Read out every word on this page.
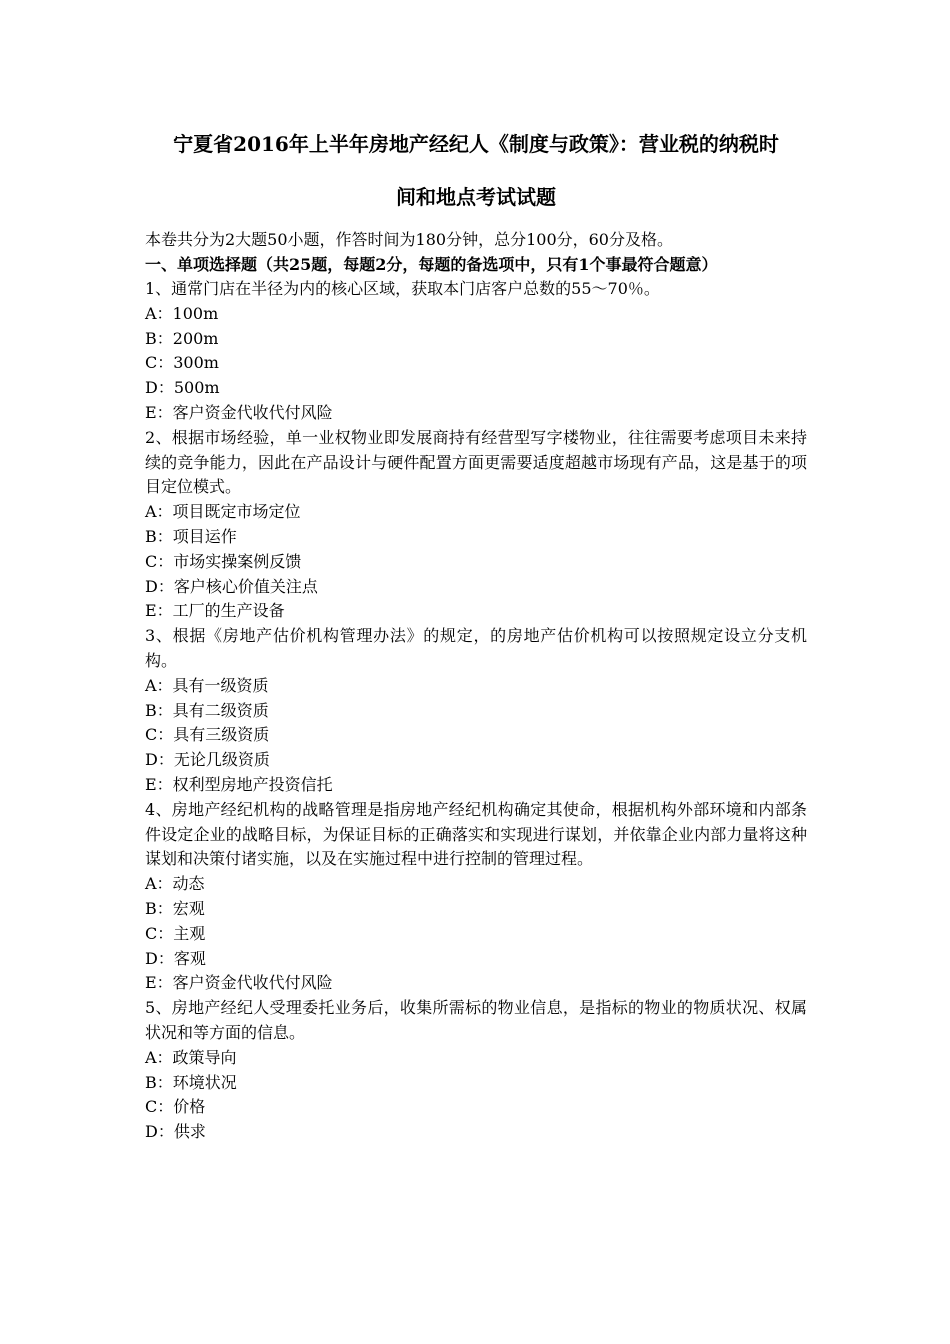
宁夏省2016年上半年房地产经纪人《制度与政策》：营业税的纳税时
间和地点考试试题
本卷共分为2大题50小题，作答时间为180分钟，总分100分，60分及格。
一、单项选择题（共25题，每题2分，每题的备选项中，只有1个事最符合题意）
1、通常门店在半径为内的核心区域，获取本门店客户总数的55～70％。
A：100m
B：200m
C：300m
D：500m
E：客户资金代收代付风险
2、根据市场经验，单一业权物业即发展商持有经营型写字楼物业，往往需要考虑项目未来持续的竞争能力，因此在产品设计与硬件配置方面更需要适度超越市场现有产品，这是基于的项目定位模式。
A：项目既定市场定位
B：项目运作
C：市场实操案例反馈
D：客户核心价值关注点
E：工厂的生产设备
3、根据《房地产估价机构管理办法》的规定，的房地产估价机构可以按照规定设立分支机构。
A：具有一级资质
B：具有二级资质
C：具有三级资质
D：无论几级资质
E：权利型房地产投资信托
4、房地产经纪机构的战略管理是指房地产经纪机构确定其使命，根据机构外部环境和内部条件设定企业的战略目标，为保证目标的正确落实和实现进行谋划，并依靠企业内部力量将这种谋划和决策付诸实施，以及在实施过程中进行控制的管理过程。
A：动态
B：宏观
C：主观
D：客观
E：客户资金代收代付风险
5、房地产经纪人受理委托业务后，收集所需标的物业信息，是指标的物业的物质状况、权属状况和等方面的信息。
A：政策导向
B：环境状况
C：价格
D：供求
